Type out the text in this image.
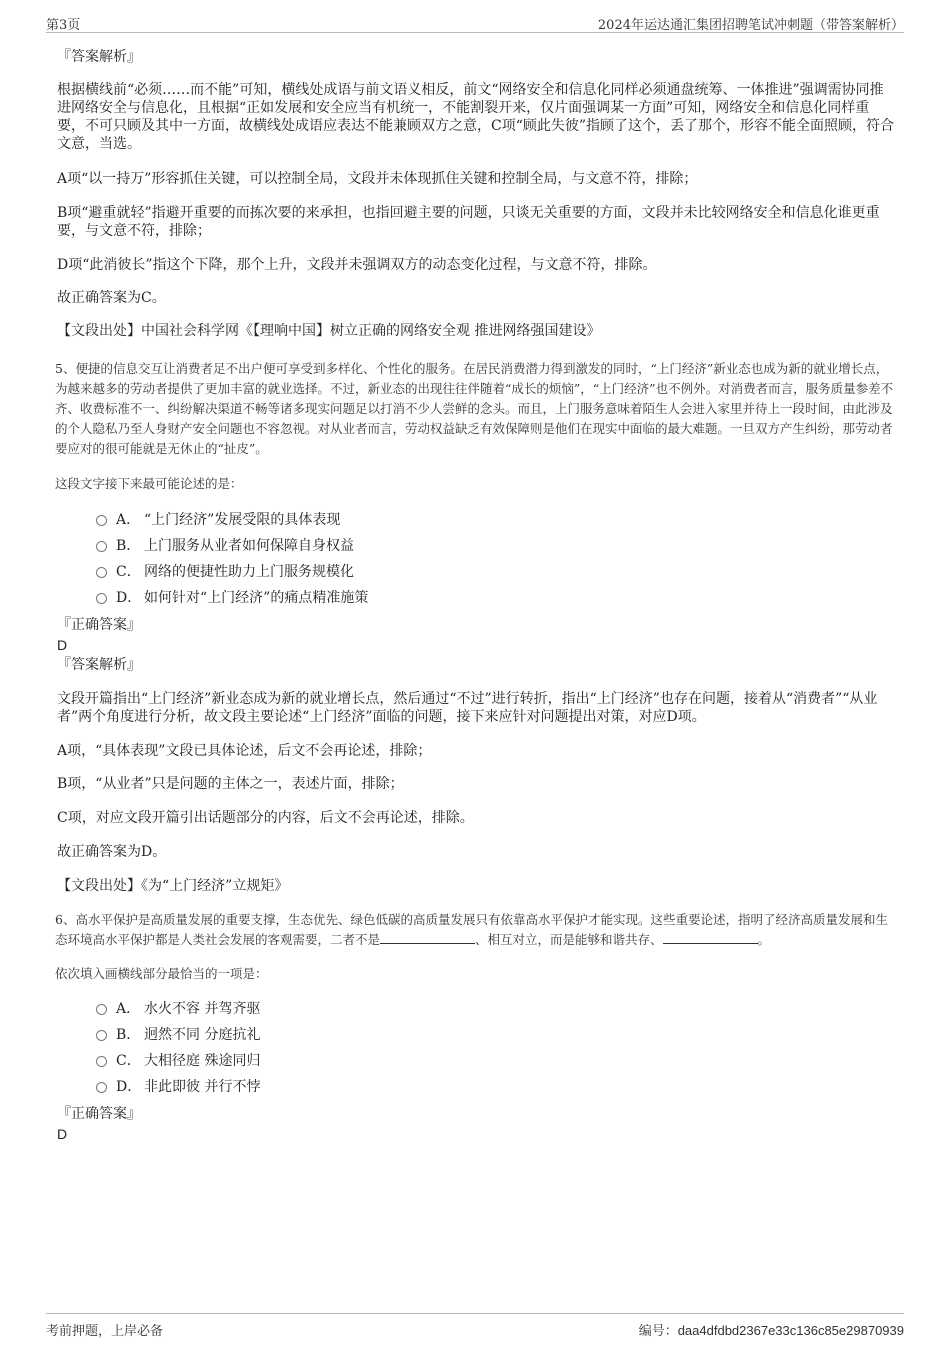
第3页	2024年运达通汇集团招聘笔试冲刺题（带答案解析）
『答案解析』
根据横线前“必须……而不能”可知，横线处成语与前文语义相反，前文“网络安全和信息化同样必须通盘统筹、一体推进”强调需协同推进网络安全与信息化，且根据“正如发展和安全应当有机统一，不能割裂开来，仅片面强调某一方面”可知，网络安全和信息化同样重要，不可只顾及其中一方面，故横线处成语应表达不能兼顾双方之意，C项“顾此失彼”指顾了这个，丢了那个，形容不能全面照顾，符合文意，当选。
A项“以一持万”形容抓住关键，可以控制全局，文段并未体现抓住关键和控制全局，与文意不符，排除；
B项“避重就轻”指避开重要的而拣次要的来承担，也指回避主要的问题，只谈无关重要的方面，文段并未比较网络安全和信息化谁更重要，与文意不符，排除；
D项“此消彼长”指这个下降，那个上升，文段并未强调双方的动态变化过程，与文意不符，排除。
故正确答案为C。
【文段出处】中国社会科学网《【理响中国】树立正确的网络安全观 推进网络强国建设》
5、便捷的信息交互让消费者足不出户便可享受到多样化、个性化的服务。在居民消费潜力得到激发的同时，“上门经济”新业态也成为新的就业增长点，为越来越多的劳动者提供了更加丰富的就业选择。不过，新业态的出现往往伴随着“成长的烦恼”，“上门经济”也不例外。对消费者而言，服务质量参差不齐、收费标准不一、纠纷解决渠道不畅等诸多现实问题足以打消不少人尝鲜的念头。而且，上门服务意味着陌生人会进入家里并待上一段时间，由此涉及的个人隐私乃至人身财产安全问题也不容忽视。对从业者而言，劳动权益缺乏有效保障则是他们在现实中面临的最大难题。一旦双方产生纠纷，那劳动者要应对的很可能就是无休止的“扯皮”。
这段文字接下来最可能论述的是：
A． “上门经济”发展受限的具体表现
B． 上门服务从业者如何保障自身权益
C． 网络的便捷性助力上门服务规模化
D． 如何针对“上门经济”的痛点精准施策
『正确答案』
D
『答案解析』
文段开篇指出“上门经济”新业态成为新的就业增长点，然后通过“不过”进行转折，指出“上门经济”也存在问题，接着从“消费者”“从业者”两个角度进行分析，故文段主要论述“上门经济”面临的问题，接下来应针对问题提出对策，对应D项。
A项，“具体表现”文段已具体论述，后文不会再论述，排除；
B项，“从业者”只是问题的主体之一，表述片面，排除；
C项，对应文段开篇引出话题部分的内容，后文不会再论述，排除。
故正确答案为D。
【文段出处】《为“上门经济”立规矩》
6、高水平保护是高质量发展的重要支撑，生态优先、绿色低碳的高质量发展只有依靠高水平保护才能实现。这些重要论述，指明了经济高质量发展和生态环境高水平保护都是人类社会发展的客观需要，二者不是	、相互对立，而是能够和谐共存、	。
依次填入画横线部分最恰当的一项是：
A． 水火不容 并驾齐驱
B． 迥然不同 分庭抗礼
C． 大相径庭 殊途同归
D． 非此即彼 并行不悖
『正确答案』
D
考前押题，上岸必备	编号：daa4dfdbd2367e33c136c85e29870939
